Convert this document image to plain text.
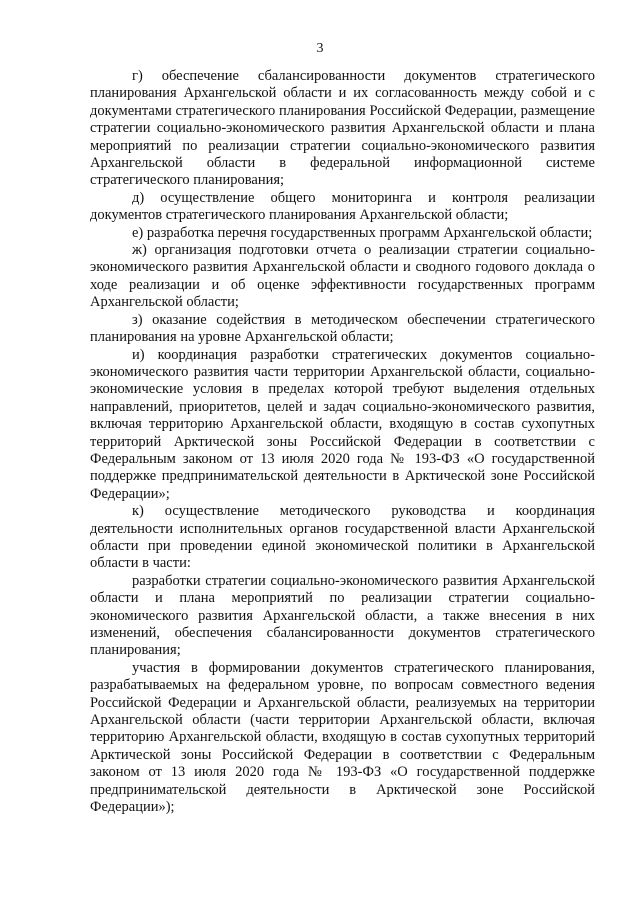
3

г) обеспечение сбалансированности документов стратегического планирования Архангельской области и их согласованность между собой и с документами стратегического планирования Российской Федерации, размещение стратегии социально-экономического развития Архангельской области и плана мероприятий по реализации стратегии социально-экономического развития Архангельской области в федеральной информационной системе стратегического планирования;

д) осуществление общего мониторинга и контроля реализации документов стратегического планирования Архангельской области;

е) разработка перечня государственных программ Архангельской области;

ж) организация подготовки отчета о реализации стратегии социально-экономического развития Архангельской области и сводного годового доклада о ходе реализации и об оценке эффективности государственных программ Архангельской области;

з) оказание содействия в методическом обеспечении стратегического планирования на уровне Архангельской области;

и) координация разработки стратегических документов социально-экономического развития части территории Архангельской области, социально-экономические условия в пределах которой требуют выделения отдельных направлений, приоритетов, целей и задач социально-экономического развития, включая территорию Архангельской области, входящую в состав сухопутных территорий Арктической зоны Российской Федерации в соответствии с Федеральным законом от 13 июля 2020 года № 193-ФЗ «О государственной поддержке предпринимательской деятельности в Арктической зоне Российской Федерации»;

к) осуществление методического руководства и координация деятельности исполнительных органов государственной власти Архангельской области при проведении единой экономической политики в Архангельской области в части:

разработки стратегии социально-экономического развития Архангельской области и плана мероприятий по реализации стратегии социально-экономического развития Архангельской области, а также внесения в них изменений, обеспечения сбалансированности документов стратегического планирования;

участия в формировании документов стратегического планирования, разрабатываемых на федеральном уровне, по вопросам совместного ведения Российской Федерации и Архангельской области, реализуемых на территории Архангельской области (части территории Архангельской области, включая территорию Архангельской области, входящую в состав сухопутных территорий Арктической зоны Российской Федерации в соответствии с Федеральным законом от 13 июля 2020 года № 193-ФЗ «О государственной поддержке предпринимательской деятельности в Арктической зоне Российской Федерации»);
